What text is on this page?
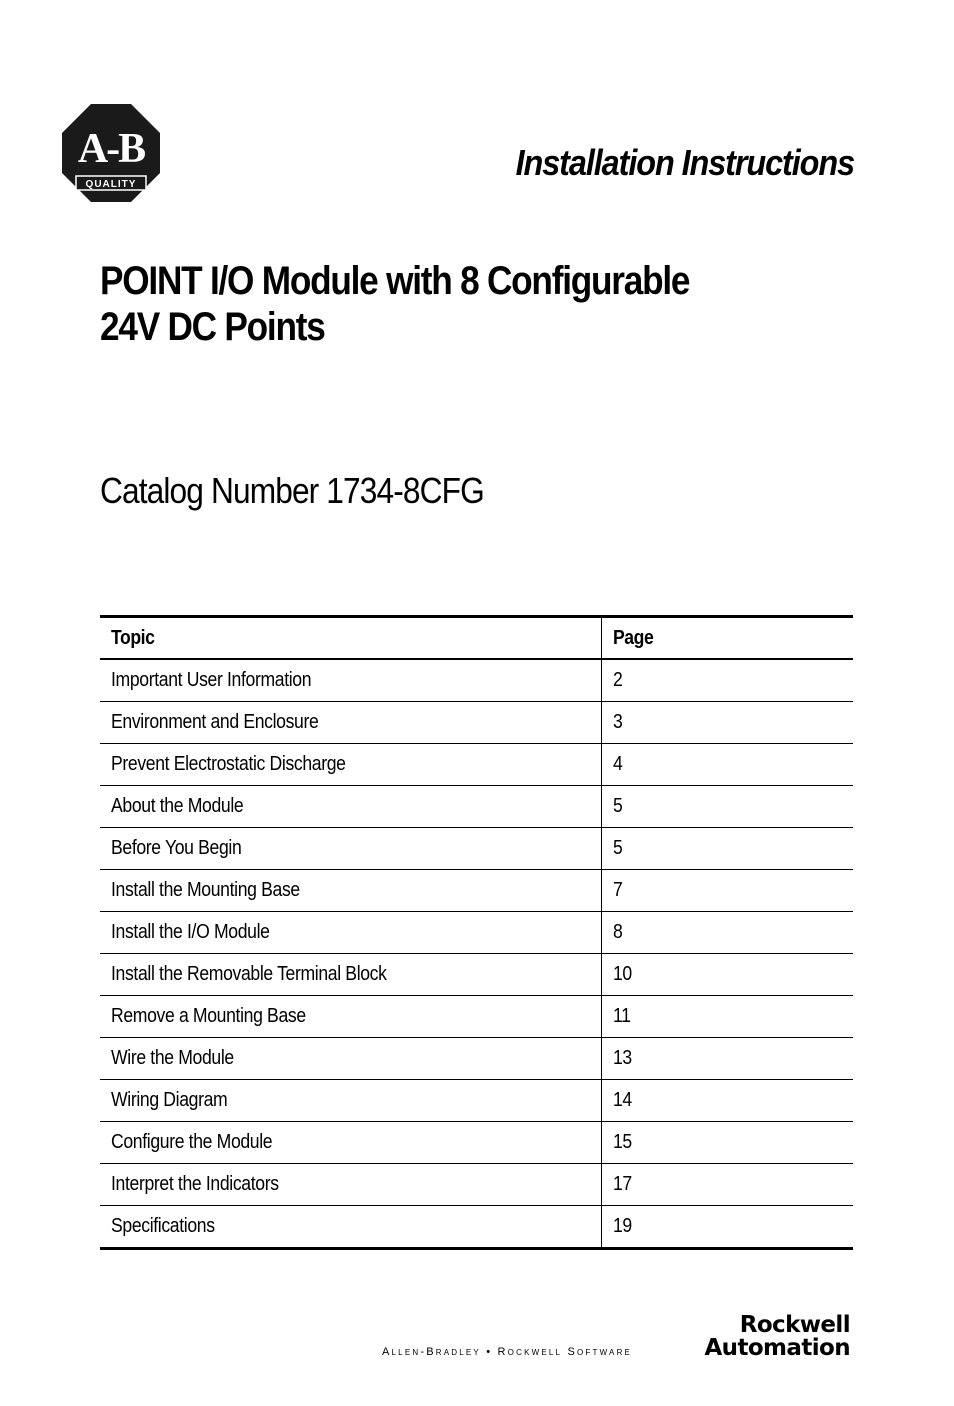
A-B
QUALITY
Installation Instructions
POINT I/O Module with 8 Configurable
24V DC Points
Catalog Number 1734-8CFG
Topic	Page
Important User Information	2
Environment and Enclosure	3
Prevent Electrostatic Discharge	4
About the Module	5
Before You Begin	5
Install the Mounting Base	7
Install the I/O Module	8
Install the Removable Terminal Block	10
Remove a Mounting Base	11
Wire the Module	13
Wiring Diagram	14
Configure the Module	15
Interpret the Indicators	17
Specifications	19
Allen-Bradley • Rockwell Software
Rockwell
Automation
